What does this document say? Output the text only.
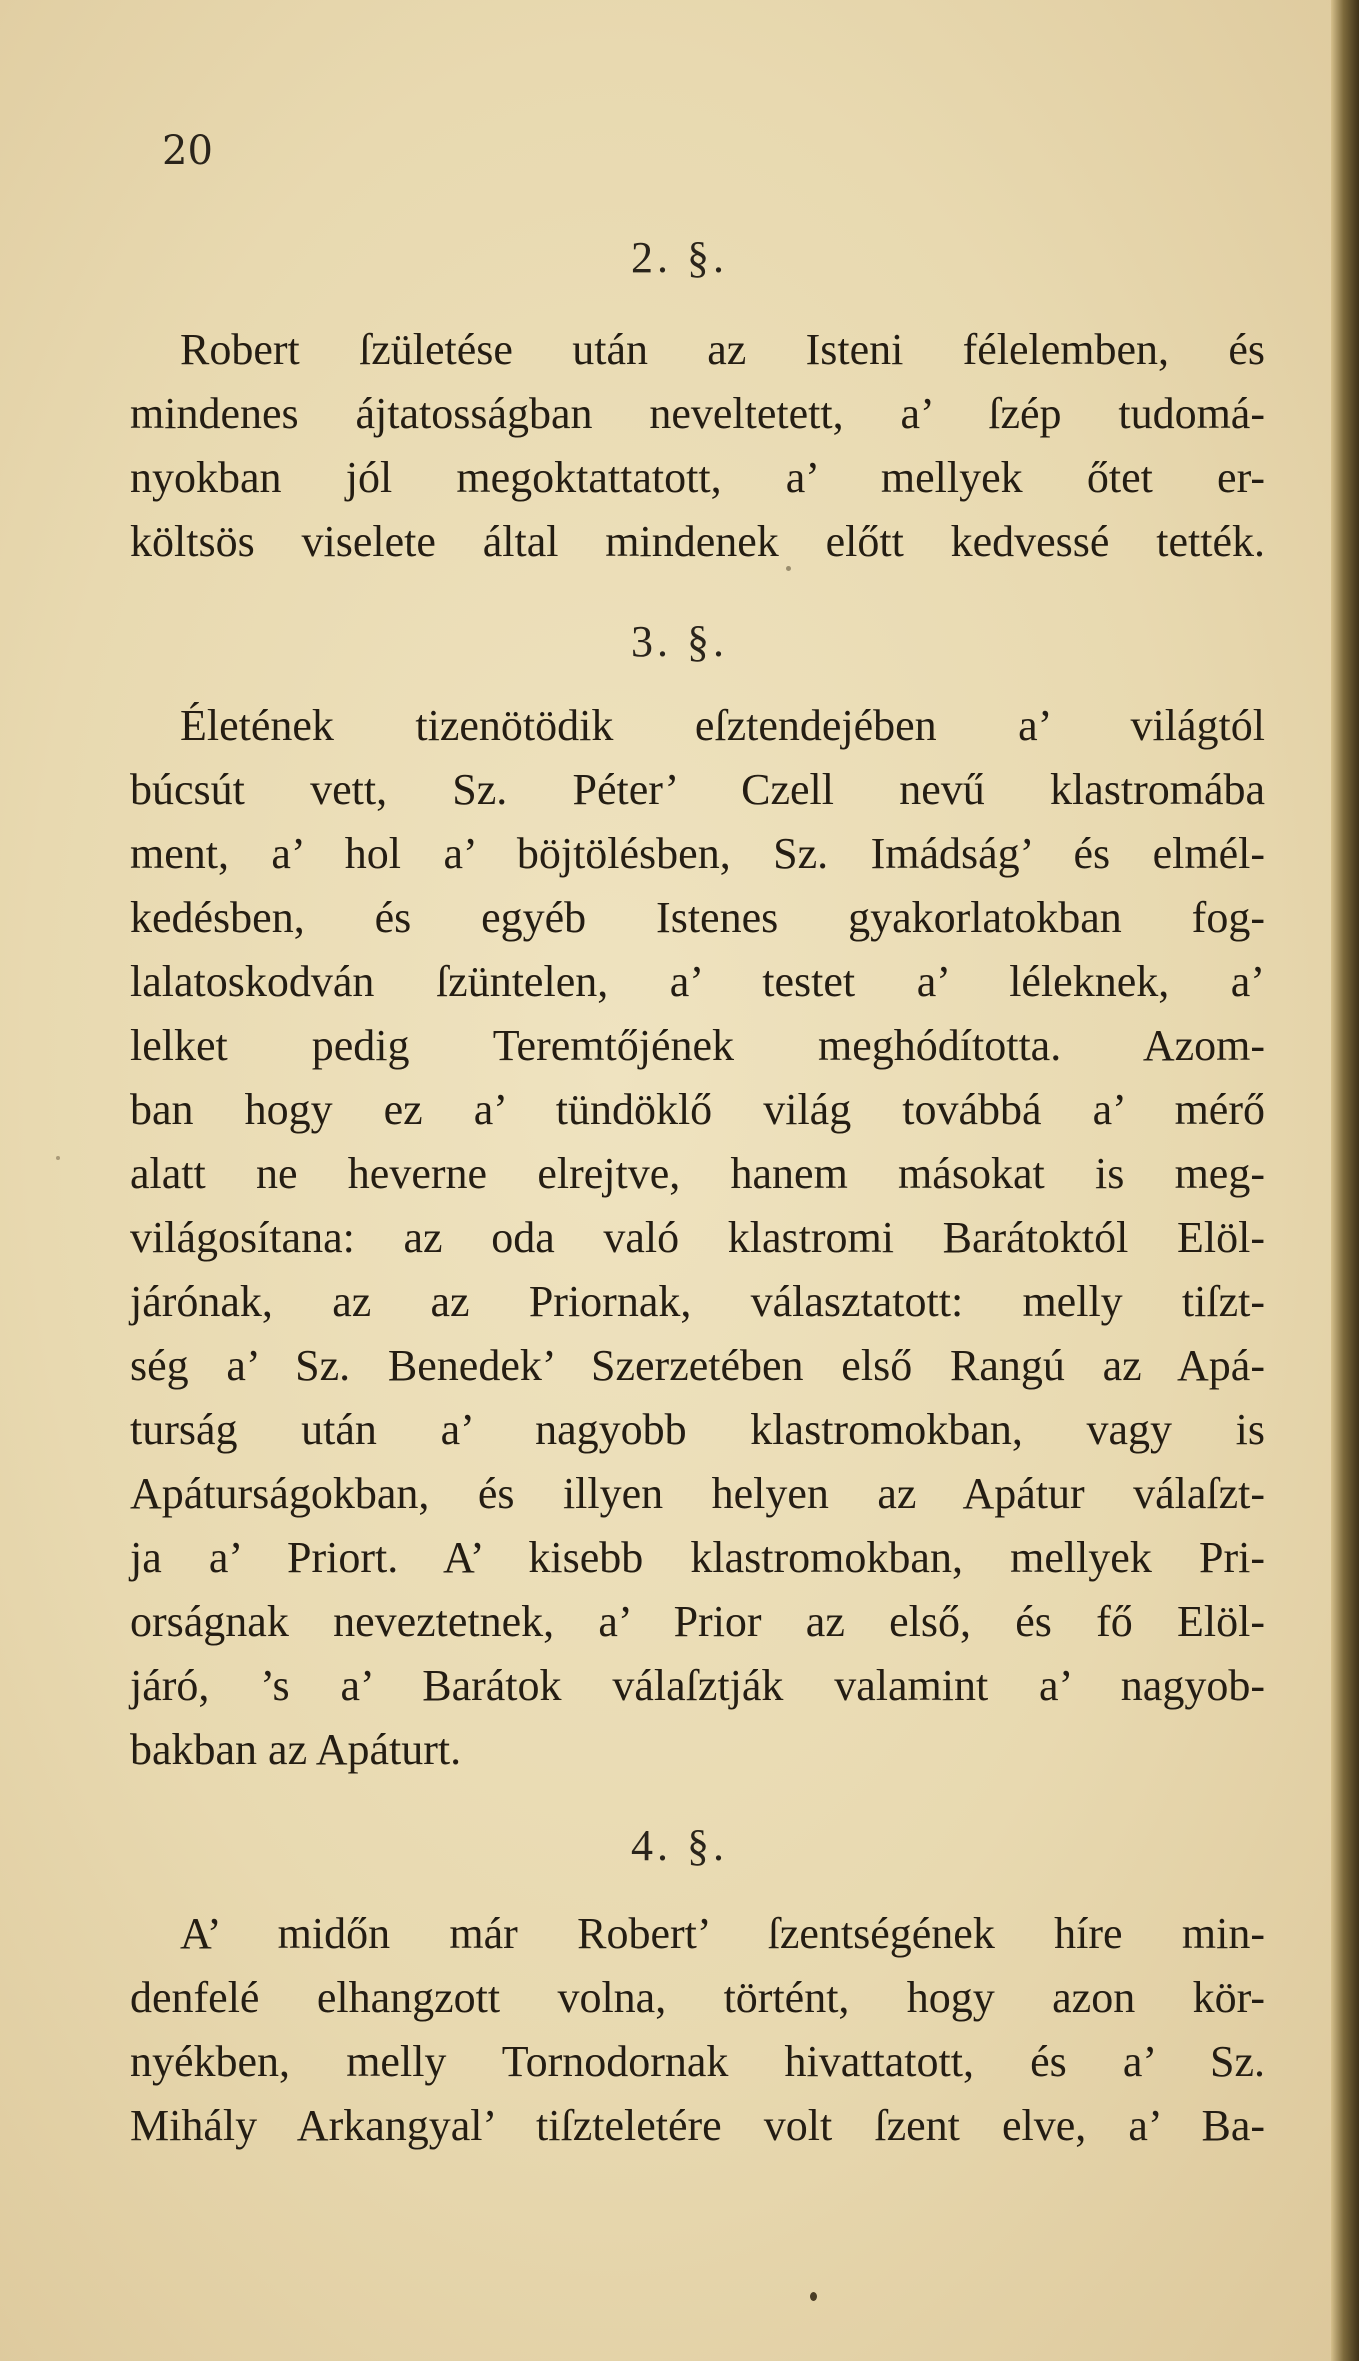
20
2. §.
Robert ſzületése után az Isteni félelemben, és
mindenes ájtatosságban neveltetett, a’ ſzép tudomá-
nyokban jól megoktattatott, a’ mellyek őtet er-
költsös viselete által mindenek előtt kedvessé tették.
3. §.
Életének tizenötödik eſztendejében a’ világtól
búcsút vett, Sz. Péter’ Czell nevű klastromába
ment, a’ hol a’ böjtölésben, Sz. Imádság’ és elmél-
kedésben, és egyéb Istenes gyakorlatokban fog-
lalatoskodván ſzüntelen, a’ testet a’ léleknek, a’
lelket pedig Teremtőjének meghódította. Azom-
ban hogy ez a’ tündöklő világ továbbá a’ mérő
alatt ne heverne elrejtve, hanem másokat is meg-
világosítana: az oda való klastromi Barátoktól Elöl-
járónak, az az Priornak, választatott: melly tiſzt-
ség a’ Sz. Benedek’ Szerzetében első Rangú az Apá-
turság után a’ nagyobb klastromokban, vagy is
Apáturságokban, és illyen helyen az Apátur válaſzt-
ja a’ Priort. A’ kisebb klastromokban, mellyek Pri-
orságnak neveztetnek, a’ Prior az első, és fő Elöl-
járó, ’s a’ Barátok válaſztják valamint a’ nagyob-
bakban az Apáturt.
4. §.
A’ midőn már Robert’ ſzentségének híre min-
denfelé elhangzott volna, történt, hogy azon kör-
nyékben, melly Tornodornak hivattatott, és a’ Sz.
Mihály Arkangyal’ tiſzteletére volt ſzent elve, a’ Ba-
